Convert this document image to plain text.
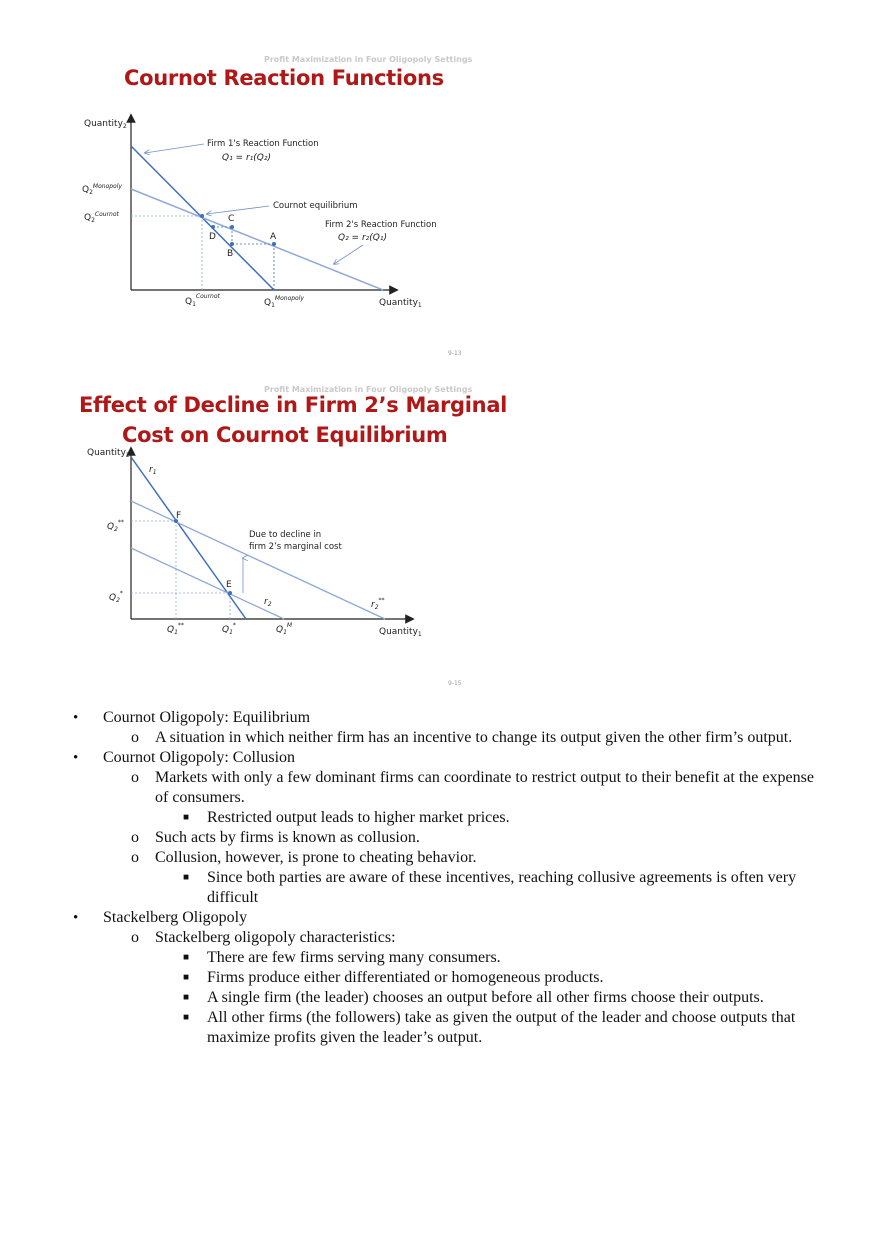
Profit Maximization in Four Oligopoly Settings
Cournot Reaction Functions
Quantity$_2$
Quantity$_1$
C
D	A
B
$Q_2^{Monopoly}$
$Q_2^{Cournot}$
$Q_1^{Cournot}$
$Q_1^{Monopoly}$
Firm 1's Reaction Function
Q₁ = r₁(Q₂)
Cournot equilibrium
Firm 2's Reaction Function
Q₂ = r₂(Q₁)
9-13
Profit Maximization in Four Oligopoly Settings
Effect of Decline in Firm 2’s Marginal
Cost on Cournot Equilibrium
Quantity$_2$
Quantity$_1$
F
E
$r_1$
$r_2$	$r_2^{**}$
$Q_2^{**}$
$Q_2^*$
$Q_1^{**}$	$Q_1^*$	$Q_1^M$
Due to decline in
firm 2’s marginal cost
9-15
• Cournot Oligopoly: Equilibrium
o A situation in which neither firm has an incentive to change its output given the other firm’s output.
• Cournot Oligopoly: Collusion
o Markets with only a few dominant firms can coordinate to restrict output to their benefit at the expense of consumers.
■ Restricted output leads to higher market prices.
o Such acts by firms is known as collusion.
o Collusion, however, is prone to cheating behavior.
■ Since both parties are aware of these incentives, reaching collusive agreements is often very difficult
• Stackelberg Oligopoly
o Stackelberg oligopoly characteristics:
■ There are few firms serving many consumers.
■ Firms produce either differentiated or homogeneous products.
■ A single firm (the leader) chooses an output before all other firms choose their outputs.
■ All other firms (the followers) take as given the output of the leader and choose outputs that maximize profits given the leader’s output.
